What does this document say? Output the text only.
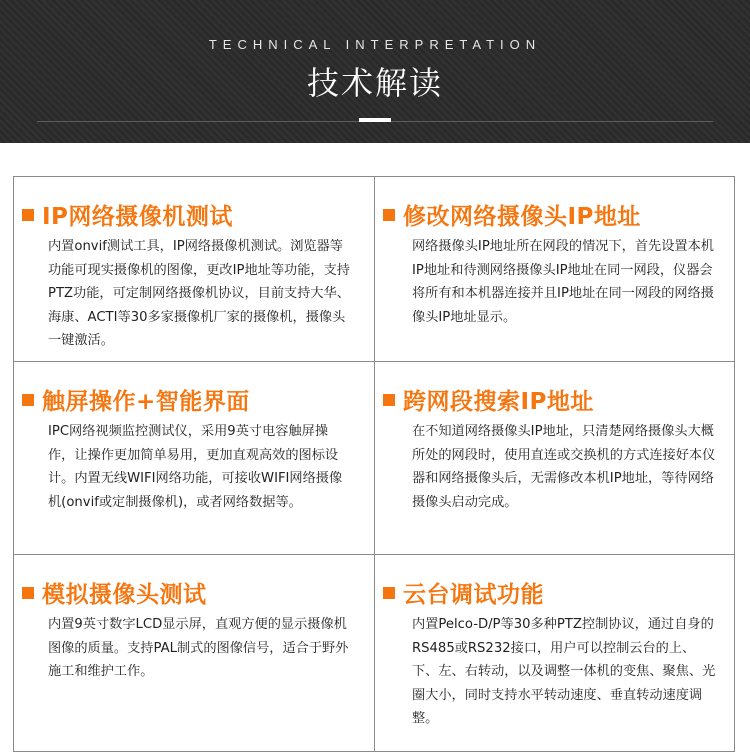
TECHNICAL INTERPRETATION
技术解读
IP网络摄像机测试
内置onvif测试工具，IP网络摄像机测试。浏览器等功能可现实摄像机的图像，更改IP地址等功能，支持PTZ功能，可定制网络摄像机协议，目前支持大华、海康、ACTI等30多家摄像机厂家的摄像机，摄像头一键激活。
修改网络摄像头IP地址
网络摄像头IP地址所在网段的情况下，首先设置本机IP地址和待测网络摄像头IP地址在同一网段，仪器会将所有和本机器连接并且IP地址在同一网段的网络摄像头IP地址显示。
触屏操作+智能界面
IPC网络视频监控测试仪，采用9英寸电容触屏操作，让操作更加简单易用，更加直观高效的图标设计。内置无线WIFI网络功能，可接收WIFI网络摄像机(onvif或定制摄像机)，或者网络数据等。
跨网段搜索IP地址
在不知道网络摄像头IP地址，只清楚网络摄像头大概所处的网段时，使用直连或交换机的方式连接好本仪器和网络摄像头后，无需修改本机IP地址，等待网络摄像头启动完成。
模拟摄像头测试
内置9英寸数字LCD显示屏，直观方便的显示摄像机图像的质量。支持PAL制式的图像信号，适合于野外施工和维护工作。
云台调试功能
内置Pelco-D/P等30多种PTZ控制协议，通过自身的RS485或RS232接口，用户可以控制云台的上、下、左、右转动，以及调整一体机的变焦、聚焦、光圈大小，同时支持水平转动速度、垂直转动速度调整。
